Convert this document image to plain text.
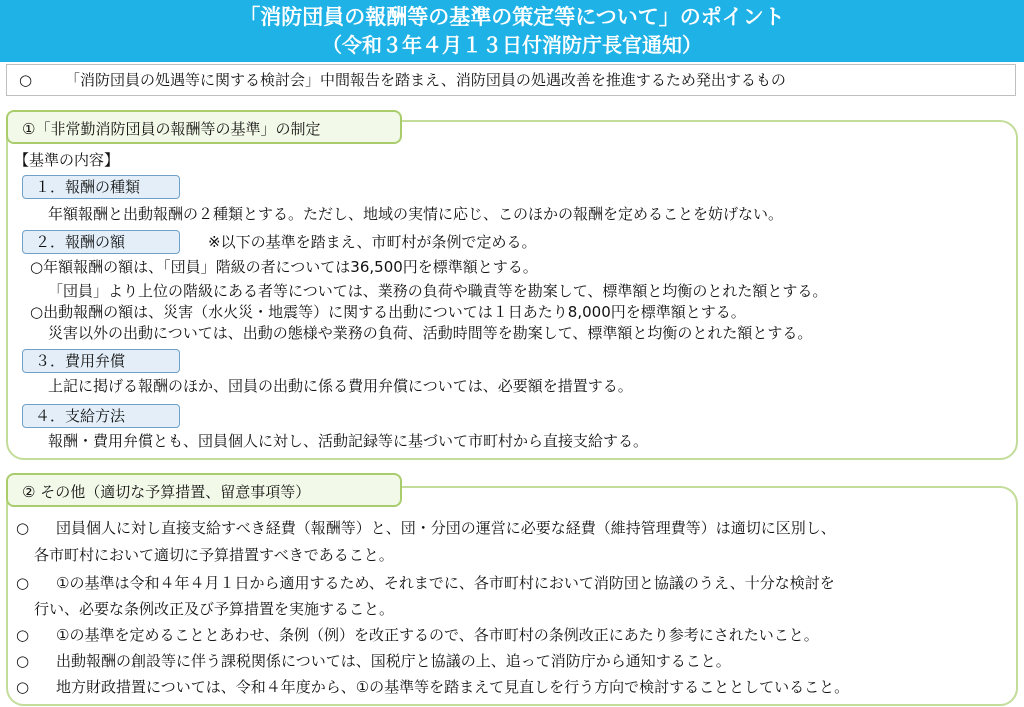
「消防団員の報酬等の基準の策定等について」のポイント
（令和３年４月１３日付消防庁長官通知）
○ 「消防団員の処遇等に関する検討会」中間報告を踏まえ、消防団員の処遇改善を推進するため発出するもの
①「非常勤消防団員の報酬等の基準」の制定
【基準の内容】
１．報酬の種類
年額報酬と出動報酬の２種類とする。ただし、地域の実情に応じ、このほかの報酬を定めることを妨げない。
２．報酬の額	※以下の基準を踏まえ、市町村が条例で定める。
○年額報酬の額は、「団員」階級の者については36,500円を標準額とする。
「団員」より上位の階級にある者等については、業務の負荷や職責等を勘案して、標準額と均衡のとれた額とする。
○出動報酬の額は、災害（水火災・地震等）に関する出動については１日あたり8,000円を標準額とする。
災害以外の出動については、出動の態様や業務の負荷、活動時間等を勘案して、標準額と均衡のとれた額とする。
３．費用弁償
上記に掲げる報酬のほか、団員の出動に係る費用弁償については、必要額を措置する。
４．支給方法
報酬・費用弁償とも、団員個人に対し、活動記録等に基づいて市町村から直接支給する。
② その他（適切な予算措置、留意事項等）
○ 団員個人に対し直接支給すべき経費（報酬等）と、団・分団の運営に必要な経費（維持管理費等）は適切に区別し、
各市町村において適切に予算措置すべきであること。
○ ①の基準は令和４年４月１日から適用するため、それまでに、各市町村において消防団と協議のうえ、十分な検討を
行い、必要な条例改正及び予算措置を実施すること。
○ ①の基準を定めることとあわせ、条例（例）を改正するので、各市町村の条例改正にあたり参考にされたいこと。
○ 出動報酬の創設等に伴う課税関係については、国税庁と協議の上、追って消防庁から通知すること。
○ 地方財政措置については、令和４年度から、①の基準等を踏まえて見直しを行う方向で検討することとしていること。
